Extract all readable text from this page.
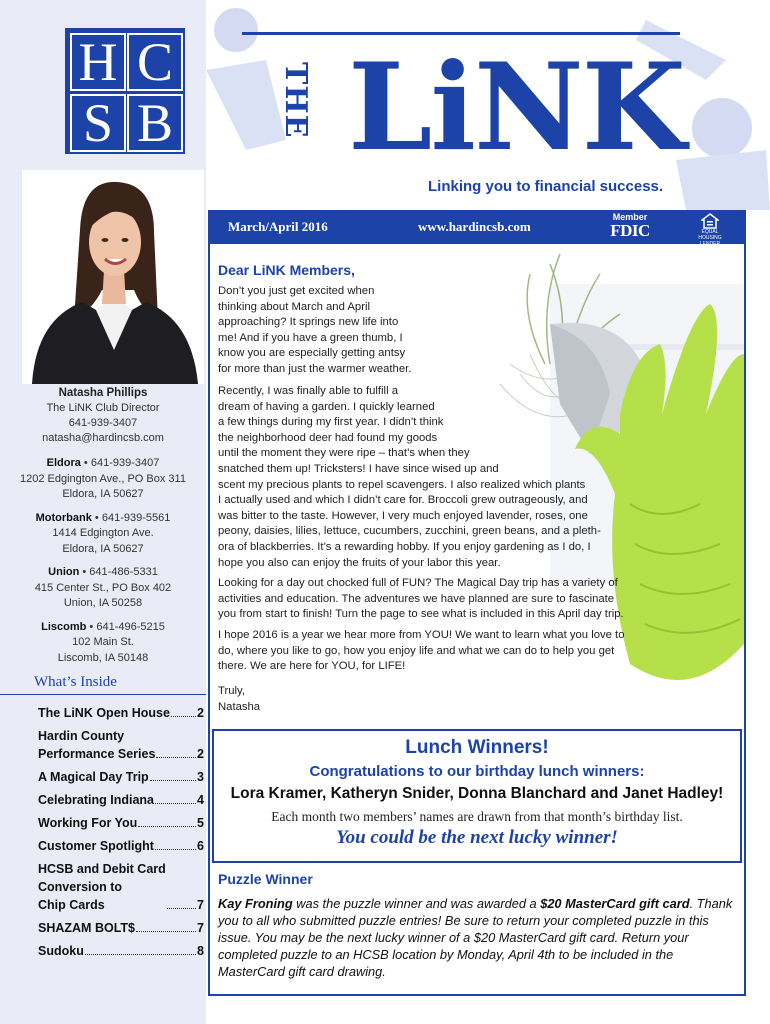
H C
S B
Natasha Phillips
The LiNK Club Director
641-939-3407
natasha@hardincsb.com
Eldora • 641-939-3407
1202 Edgington Ave., PO Box 311
Eldora, IA 50627
Motorbank • 641-939-5561
1414 Edgington Ave.
Eldora, IA 50627
Union • 641-486-5331
415 Center St., PO Box 402
Union, IA 50258
Liscomb • 641-496-5215
102 Main St.
Liscomb, IA 50148
What’s Inside
The LiNK Open House 2
Hardin County
Performance Series	2
A Magical Day Trip	3
Celebrating Indiana	4
Working For You	5
Customer Spotlight	6
HCSB and Debit Card
Conversion to
Chip Cards	7
SHAZAM BOLT$	7
Sudoku	8
THE LiNK
Linking you to financial success.
March/April 2016	www.hardincsb.com
Member
FDIC	EQUAL HOUSING LENDER
Dear LiNK Members,
Don’t you just get excited when
thinking about March and April
approaching? It springs new life into
me! And if you have a green thumb, I
know you are especially getting antsy
for more than just the warmer weather.
Recently, I was finally able to fulfill a
dream of having a garden. I quickly learned
a few things during my first year. I didn’t think
the neighborhood deer had found my goods
until the moment they were ripe – that’s when they
snatched them up! Tricksters! I have since wised up and
scent my precious plants to repel scavengers. I also realized which plants
I actually used and which I didn’t care for. Broccoli grew outrageously, and
was bitter to the taste. However, I very much enjoyed lavender, roses, one
peony, daisies, lilies, lettuce, cucumbers, zucchini, green beans, and a pleth-
ora of blackberries. It’s a rewarding hobby. If you enjoy gardening as I do, I
hope you also can enjoy the fruits of your labor this year.
Looking for a day out chocked full of FUN? The Magical Day trip has a variety of
activities and education. The adventures we have planned are sure to fascinate
you from start to finish! Turn the page to see what is included in this April day trip.
I hope 2016 is a year we hear more from YOU! We want to learn what you love to
do, where you like to go, how you enjoy life and what we can do to help you get
there. We are here for YOU, for LIFE!
Truly,
Natasha
Lunch Winners!
Congratulations to our birthday lunch winners:
Lora Kramer, Katheryn Snider, Donna Blanchard and Janet Hadley!
Each month two members’ names are drawn from that month’s birthday list.
You could be the next lucky winner!
Puzzle Winner
Kay Froning was the puzzle winner and was awarded a $20 MasterCard gift card. Thank you to all who submitted puzzle entries! Be sure to return your completed puzzle in this issue. You may be the next lucky winner of a $20 MasterCard gift card. Return your completed puzzle to an HCSB location by Monday, April 4th to be included in the MasterCard gift card drawing.
